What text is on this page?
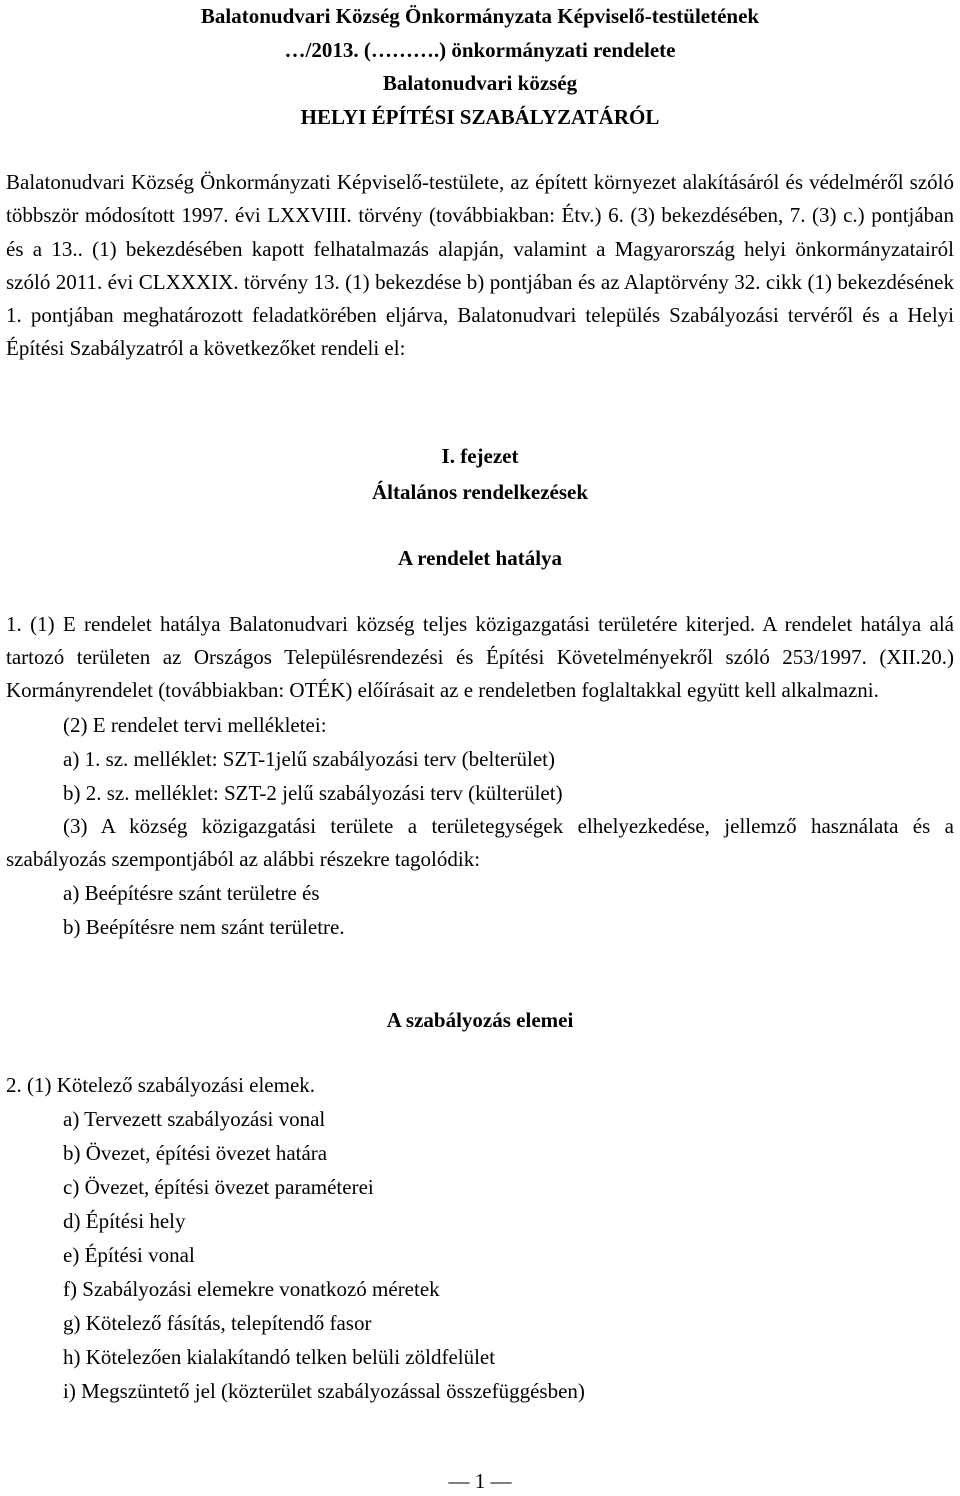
Balatonudvari Község Önkormányzata Képviselő-testületének

…/2013. (……….) önkormányzati rendelete

Balatonudvari község

HELYI ÉPÍTÉSI SZABÁLYZATÁRÓL

Balatonudvari Község Önkormányzati Képviselő-testülete, az épített környezet alakításáról és védelméről szóló többször módosított 1997. évi LXXVIII. törvény (továbbiakban: Étv.) 6. (3) bekezdésében, 7. (3) c.) pontjában és a 13.. (1) bekezdésében kapott felhatalmazás alapján, valamint a Magyarország helyi önkormányzatairól szóló 2011. évi CLXXXIX. törvény 13. (1) bekezdése b) pontjában és az Alaptörvény 32. cikk (1) bekezdésének 1. pontjában meghatározott feladatkörében eljárva, Balatonudvari település Szabályozási tervéről és a Helyi Építési Szabályzatról a következőket rendeli el:

I. fejezet

Általános rendelkezések

A rendelet hatálya

1. (1) E rendelet hatálya Balatonudvari község teljes közigazgatási területére kiterjed. A rendelet hatálya alá tartozó területen az Országos Településrendezési és Építési Követelményekről szóló 253/1997. (XII.20.) Kormányrendelet (továbbiakban: OTÉK) előírásait az e rendeletben foglaltakkal együtt kell alkalmazni.

(2) E rendelet tervi mellékletei:

a) 1. sz. melléklet: SZT-1jelű szabályozási terv (belterület)

b) 2. sz. melléklet: SZT-2 jelű szabályozási terv (külterület)

(3) A község közigazgatási területe a területegységek elhelyezkedése, jellemző használata és a szabályozás szempontjából az alábbi részekre tagolódik:

a) Beépítésre szánt területre és

b) Beépítésre nem szánt területre.

A szabályozás elemei

2. (1) Kötelező szabályozási elemek.

a) Tervezett szabályozási vonal
b) Övezet, építési övezet határa
c) Övezet, építési övezet paraméterei
d) Építési hely
e) Építési vonal
f) Szabályozási elemekre vonatkozó méretek
g) Kötelező fásítás, telepítendő fasor
h) Kötelezően kialakítandó telken belüli zöldfelület
i) Megszüntető jel (közterület szabályozással összefüggésben)
— 1 —
